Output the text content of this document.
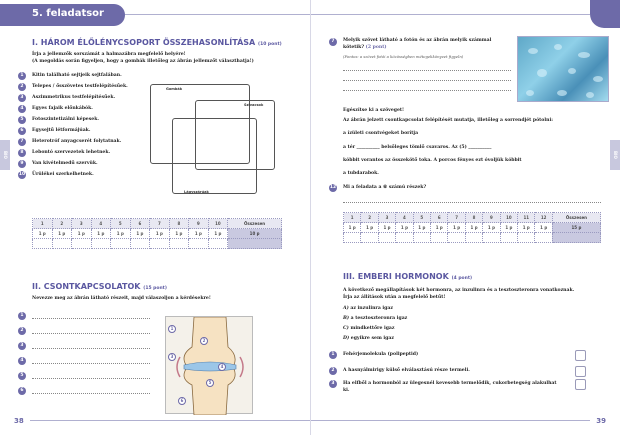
5. feladatsor
BIO
I. HÁROM ÉLŐLÉNYCSOPORT ÖSSZEHASONLÍTÁSA (10 pont)
Írja a jellemzők sorszámát a halmazábra megfelelő helyére!
(A megoldás során figyeljen, hogy a gombák illetőleg az ábrán jellemzőt választhatja!)
1	Kitin található sejtjeik sejtfalában.
2	Telepes / ősszövetes testfelépítésűek.
3	Aszimmetrikus testfelépítésűek.
4	Egyes fajaik előnkábók.
5	Fotoszintetizálni képesek.
6	Egysejtű létformájúak.
7	Heterotróf anyagcserét folytatnak.
8	Lebontó szervezetek lehetnek.
9	Van kivételmedű szervük.
10 Ürülékei szerkelhetnek.
Gombák
Szivacsok
Lágyszárúak
1	2	3	4	5	6	7	8	9	10	Összesen
1 p	1 p	1 p	1 p	1 p	1 p	1 p	1 p	1 p	1 p	10 p

II. CSONTKAPCSOLATOK (15 pont)
Nevezze meg az ábrán látható részeit, majd válaszoljon a kérdésekre!
1
2
3
4
5
6
1
2
3
4
5
6
38
BIO
7	Melyik szövet látható a fotón és az ábrán melyik számmal kötetik? (2 pont)
(Fontos: a szövet fotói a közösségben métegekkönyvet figyeln)
Egészítse ki a szöveget!
Az ábrán jelzett csontkapcsolat felépítését mutatja, illetőleg a sorrendjét pótolni:
a ízületi csontvégeket borítja
a tér __________ belsőleges tömlő csavaros. Az (5) __________
kóbbit vorantos az összekötő toka. A porcos fényes ezt óvoljük kóbbit
a tubdarabok.
12 Mi a feladata a ⑥ számú részek?
1	2	3	4	5	6	7	8	9	10	11	12	Összesen
1 p	1 p	1 p	1 p	1 p	1 p	1 p	1 p	1 p	1 p	1 p	1 p	15 p

III. EMBERI HORMONOK (4 pont)
A következő megállapítások két hormonra, az inzulinra és a tesztoszteronra vonatkoznak.
Írja az állítások után a megfelelő betűt!
A) az inzulinra igaz
B) a tesztoszteronra igaz
C) mindkettőre igaz
D) egyikre sem igaz
1	Fehérjemolekula (polipeptid)
2	A hasnyálmirigy külső elválasztású része termeli.
3	Ha elfből a hormonból az ülegesnél kevesebb termelődik, cukorbetegség alakulhat ki.
39
